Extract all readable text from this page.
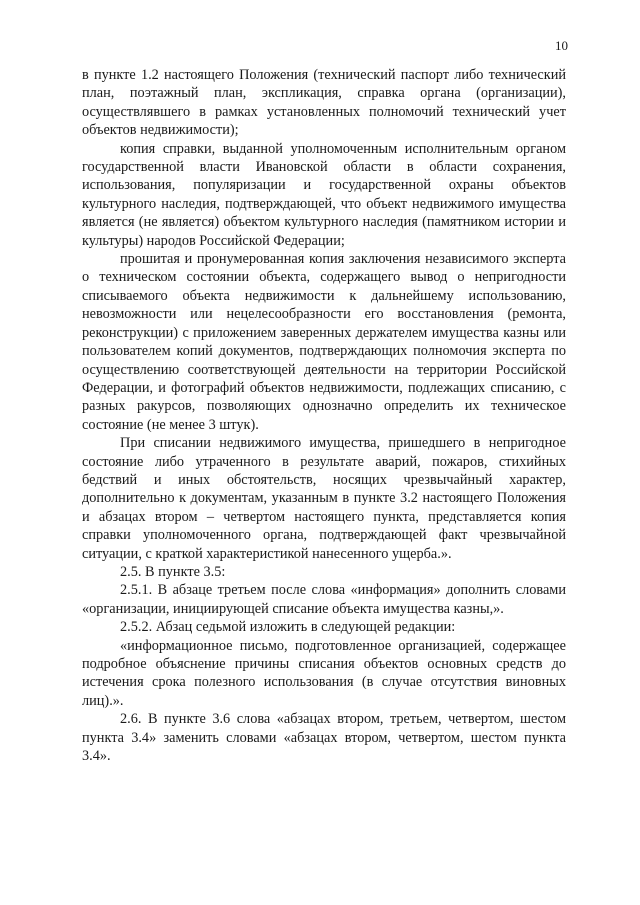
10

в пункте 1.2 настоящего Положения (технический паспорт либо технический план, поэтажный план, экспликация, справка органа (организации), осуществлявшего в рамках установленных полномочий технический учет объектов недвижимости);

копия справки, выданной уполномоченным исполнительным органом государственной власти Ивановской области в области сохранения, использования, популяризации и государственной охраны объектов культурного наследия, подтверждающей, что объект недвижимого имущества является (не является) объектом культурного наследия (памятником истории и культуры) народов Российской Федерации;

прошитая и пронумерованная копия заключения независимого эксперта о техническом состоянии объекта, содержащего вывод о непригодности списываемого объекта недвижимости к дальнейшему использованию, невозможности или нецелесообразности его восстановления (ремонта, реконструкции) с приложением заверенных держателем имущества казны или пользователем копий документов, подтверждающих полномочия эксперта по осуществлению соответствующей деятельности на территории Российской Федерации, и фотографий объектов недвижимости, подлежащих списанию, с разных ракурсов, позволяющих однозначно определить их техническое состояние (не менее 3 штук).

При списании недвижимого имущества, пришедшего в непригодное состояние либо утраченного в результате аварий, пожаров, стихийных бедствий и иных обстоятельств, носящих чрезвычайный характер, дополнительно к документам, указанным в пункте 3.2 настоящего Положения и абзацах втором – четвертом настоящего пункта, представляется копия справки уполномоченного органа, подтверждающей факт чрезвычайной ситуации, с краткой характеристикой нанесенного ущерба.».

2.5. В пункте 3.5:

2.5.1. В абзаце третьем после слова «информация» дополнить словами «организации, инициирующей списание объекта имущества казны,».

2.5.2. Абзац седьмой изложить в следующей редакции:

«информационное письмо, подготовленное организацией, содержащее подробное объяснение причины списания объектов основных средств до истечения срока полезного использования (в случае отсутствия виновных лиц).».

2.6. В пункте 3.6 слова «абзацах втором, третьем, четвертом, шестом пункта 3.4» заменить словами «абзацах втором, четвертом, шестом пункта 3.4».
